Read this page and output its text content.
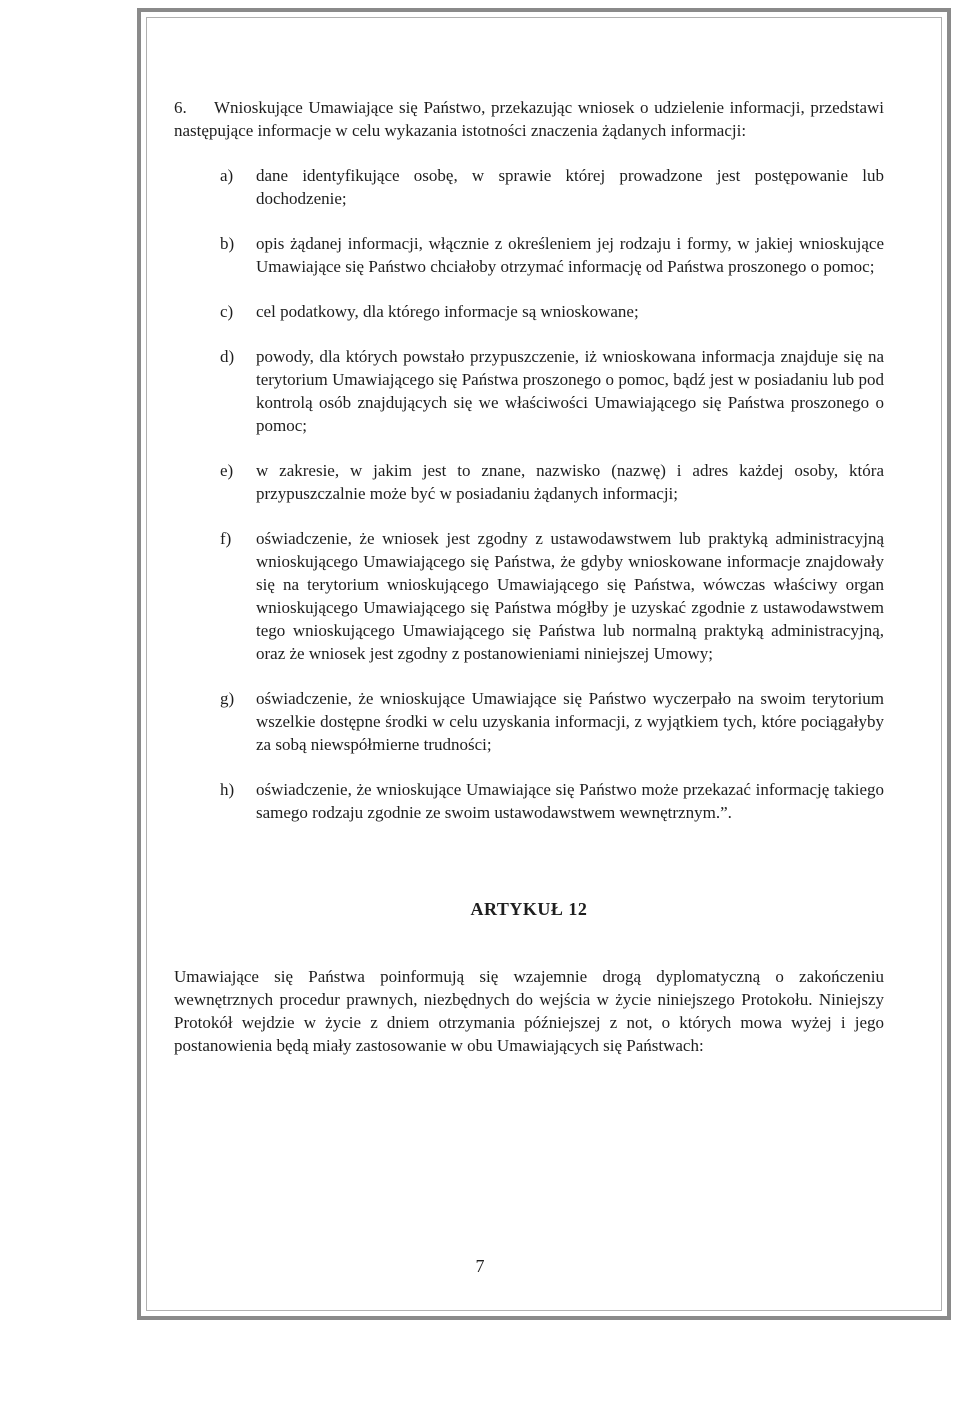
6. Wnioskujące Umawiające się Państwo, przekazując wniosek o udzielenie informacji, przedstawi następujące informacje w celu wykazania istotności znaczenia żądanych informacji:

a) dane identyfikujące osobę, w sprawie której prowadzone jest postępowanie lub dochodzenie;
b) opis żądanej informacji, włącznie z określeniem jej rodzaju i formy, w jakiej wnioskujące Umawiające się Państwo chciałoby otrzymać informację od Państwa proszonego o pomoc;
c) cel podatkowy, dla którego informacje są wnioskowane;
d) powody, dla których powstało przypuszczenie, iż wnioskowana informacja znajduje się na terytorium Umawiającego się Państwa proszonego o pomoc, bądź jest w posiadaniu lub pod kontrolą osób znajdujących się we właściwości Umawiającego się Państwa proszonego o pomoc;
e) w zakresie, w jakim jest to znane, nazwisko (nazwę) i adres każdej osoby, która przypuszczalnie może być w posiadaniu żądanych informacji;
f) oświadczenie, że wniosek jest zgodny z ustawodawstwem lub praktyką administracyjną wnioskującego Umawiającego się Państwa, że gdyby wnioskowane informacje znajdowały się na terytorium wnioskującego Umawiającego się Państwa, wówczas właściwy organ wnioskującego Umawiającego się Państwa mógłby je uzyskać zgodnie z ustawodawstwem tego wnioskującego Umawiającego się Państwa lub normalną praktyką administracyjną, oraz że wniosek jest zgodny z postanowieniami niniejszej Umowy;
g) oświadczenie, że wnioskujące Umawiające się Państwo wyczerpało na swoim terytorium wszelkie dostępne środki w celu uzyskania informacji, z wyjątkiem tych, które pociągałyby za sobą niewspółmierne trudności;
h) oświadczenie, że wnioskujące Umawiające się Państwo może przekazać informację takiego samego rodzaju zgodnie ze swoim ustawodawstwem wewnętrznym.”.

ARTYKUŁ 12

Umawiające się Państwa poinformują się wzajemnie drogą dyplomatyczną o zakończeniu wewnętrznych procedur prawnych, niezbędnych do wejścia w życie niniejszego Protokołu. Niniejszy Protokół wejdzie w życie z dniem otrzymania późniejszej z not, o których mowa wyżej i jego postanowienia będą miały zastosowanie w obu Umawiających się Państwach:

7
